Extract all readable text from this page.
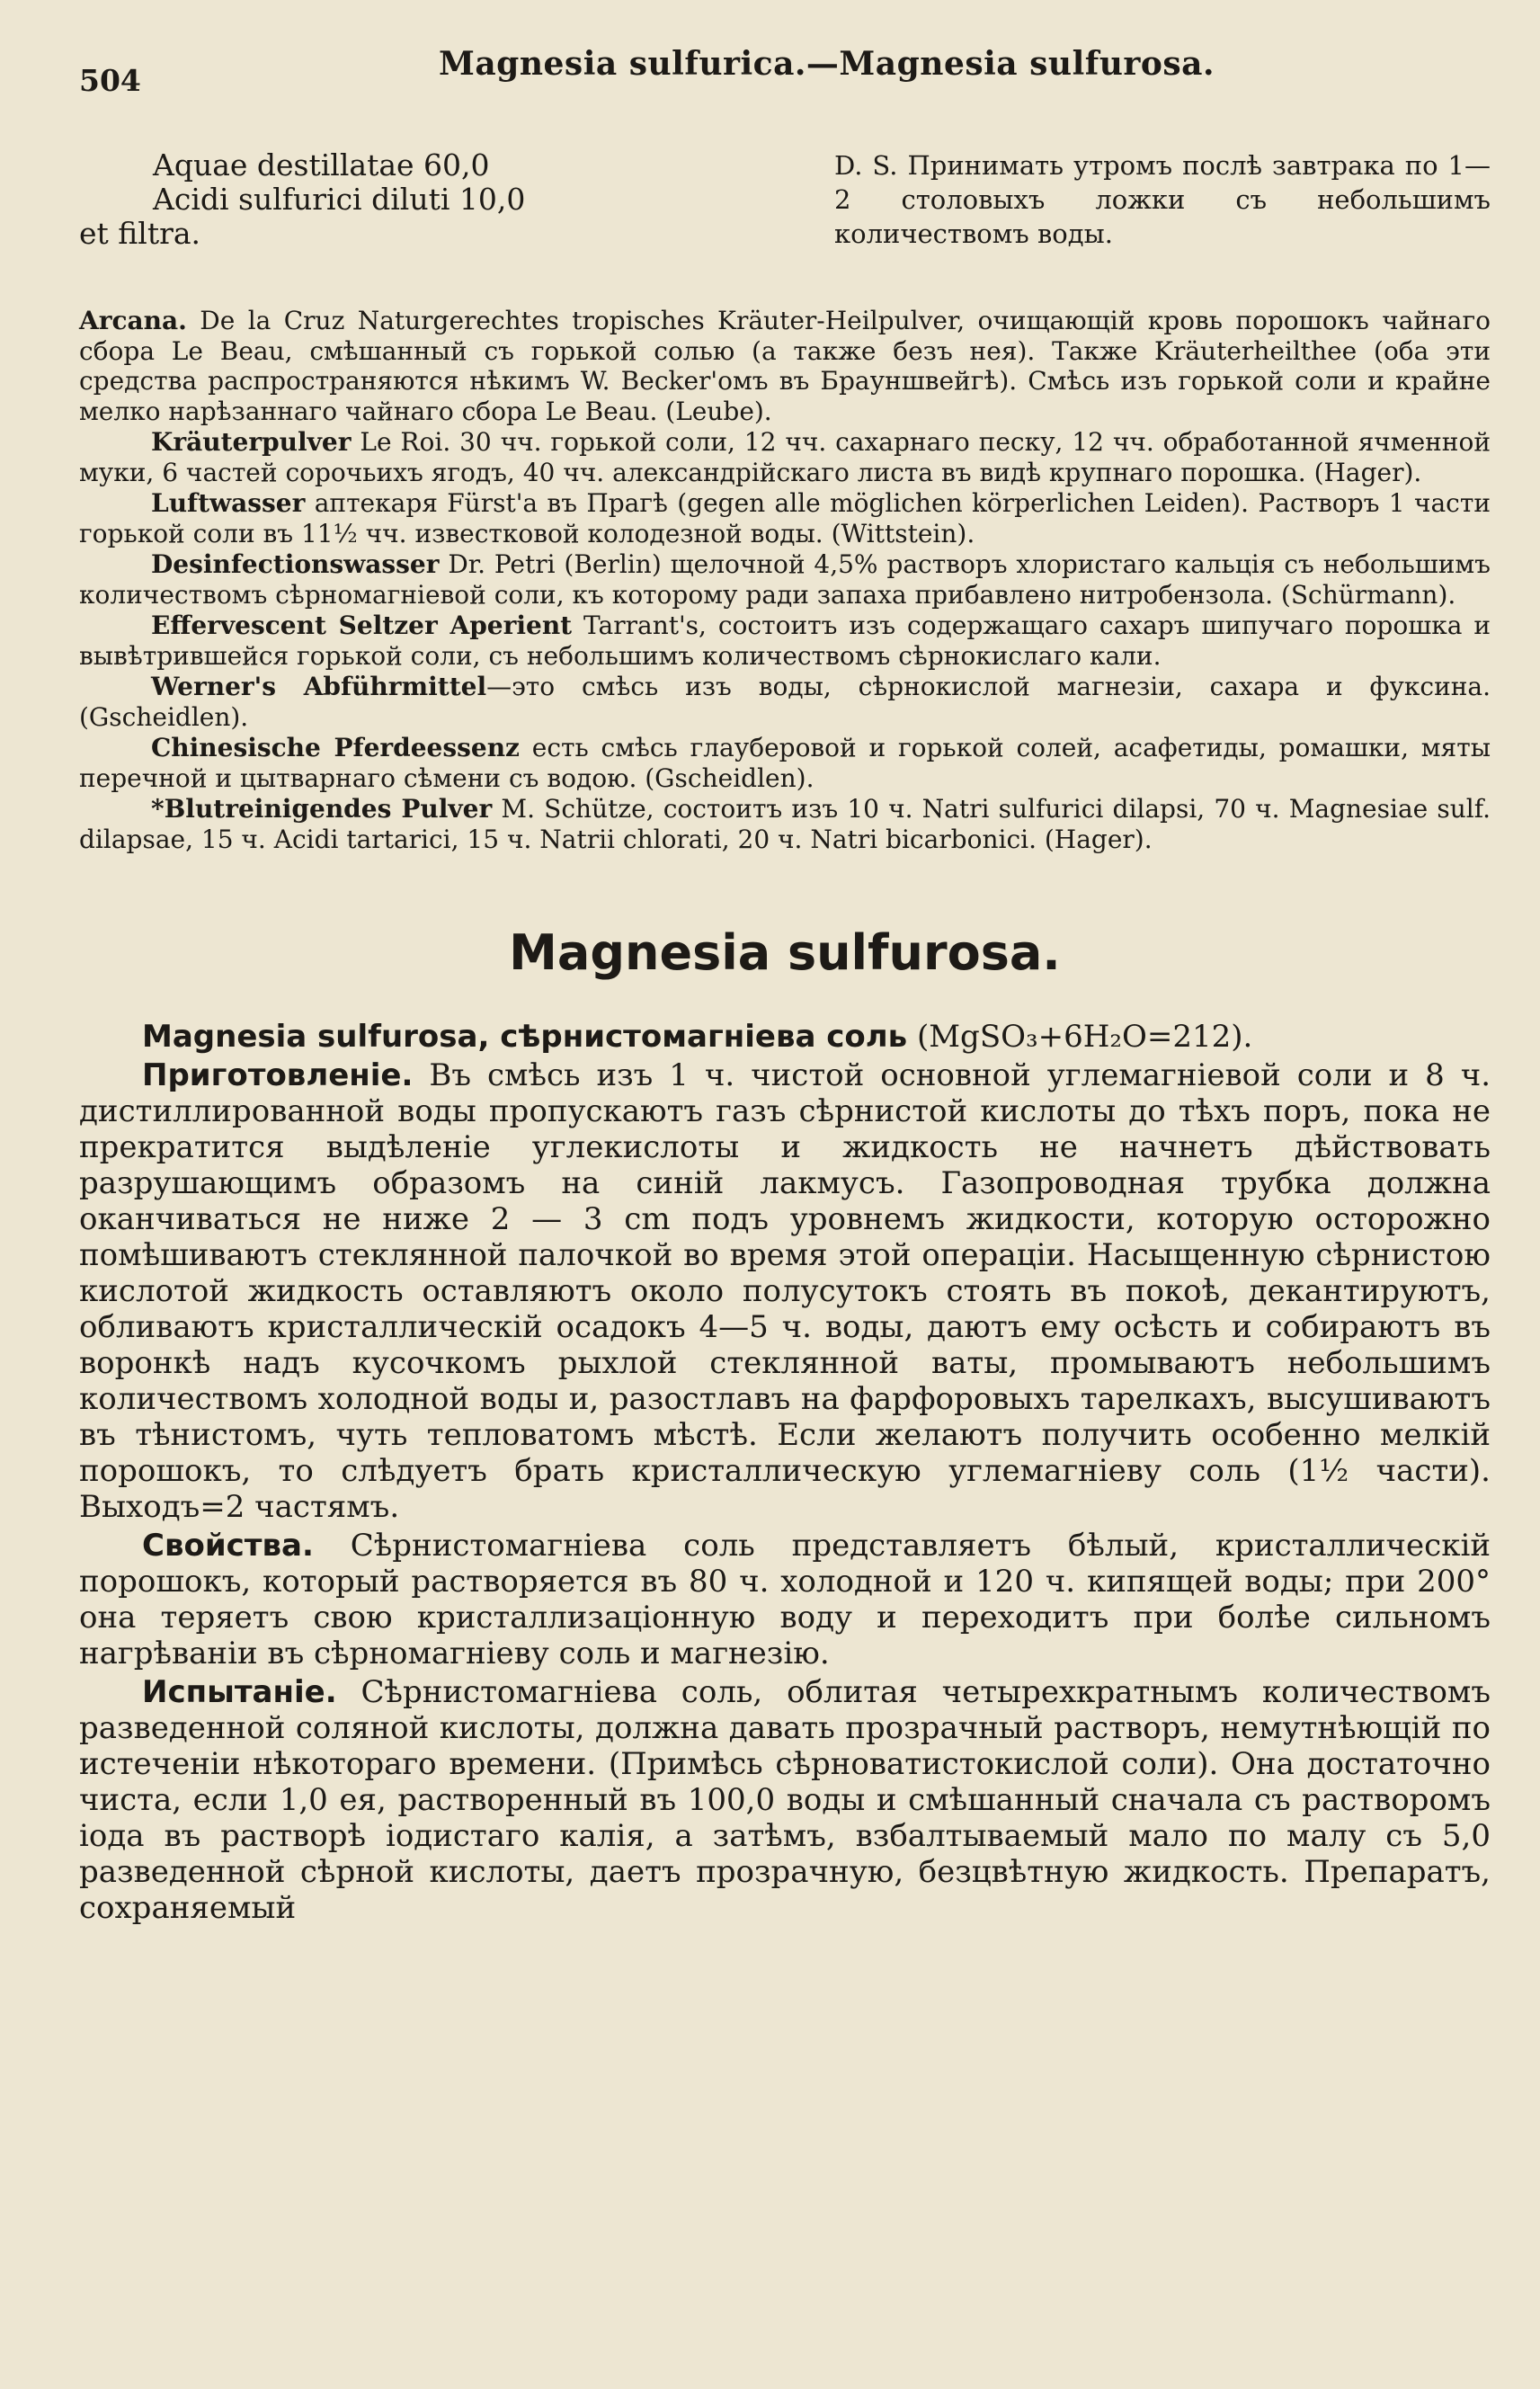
504	Magnesia sulfurica.—Magnesia sulfurosa.
Aquae destillatae 60,0
Acidi sulfurici diluti 10,0
et filtra.
D. S. Принимать утромъ послѣ завтрака по 1—2 столовыхъ ложки съ небольшимъ количествомъ воды.

Arcana. De la Cruz Naturgerechtes tropisches Kräuter-Heilpulver, очищающій кровь порошокъ чайнаго сбора Le Beau, смѣшанный съ горькой солью (а также безъ нея). Также Kräuterheilthee (оба эти средства распространяются нѣкимъ W. Becker'омъ въ Брауншвейгѣ). Смѣсь изъ горькой соли и крайне мелко нарѣзаннаго чайнаго сбора Le Beau. (Leube).

Kräuterpulver Le Roi. 30 чч. горькой соли, 12 чч. сахарнаго песку, 12 чч. обработанной ячменной муки, 6 частей сорочьихъ ягодъ, 40 чч. александрійскаго листа въ видѣ крупнаго порошка. (Hager).

Luftwasser аптекаря Fürst'а въ Прагѣ (gegen alle möglichen körperlichen Leiden). Растворъ 1 части горькой соли въ 11½ чч. известковой колодезной воды. (Wittstein).

Desinfectionswasser Dr. Petri (Berlin) щелочной 4,5% растворъ хлористаго кальція съ небольшимъ количествомъ сѣрномагніевой соли, къ которому ради запаха прибавлено нитробензола. (Schürmann).

Effervescent Seltzer Aperient Tarrant's, состоитъ изъ содержащаго сахаръ шипучаго порошка и вывѣтрившейся горькой соли, съ небольшимъ количествомъ сѣрнокислаго кали.

Werner's Abführmittel—это смѣсь изъ воды, сѣрнокислой магнезіи, сахара и фуксина. (Gscheidlen).

Chinesische Pferdeessenz есть смѣсь глауберовой и горькой солей, асафетиды, ромашки, мяты перечной и цытварнаго сѣмени съ водою. (Gscheidlen).

*Blutreinigendes Pulver M. Schütze, состоитъ изъ 10 ч. Natri sulfurici dilapsi, 70 ч. Magnesiae sulf. dilapsae, 15 ч. Acidi tartarici, 15 ч. Natrii chlorati, 20 ч. Natri bicarbonici. (Hager).

Magnesia sulfurosa.

Magnesia sulfurosa, сѣрнистомагніева соль (MgSO₃+6H₂O=212).

Приготовленіе. Въ смѣсь изъ 1 ч. чистой основной углемагніевой соли и 8 ч. дистиллированной воды пропускаютъ газъ сѣрнистой кислоты до тѣхъ поръ, пока не прекратится выдѣленіе углекислоты и жидкость не начнетъ дѣйствовать разрушающимъ образомъ на синій лакмусъ. Газопроводная трубка должна оканчиваться не ниже 2 — 3 cm подъ уровнемъ жидкости, которую осторожно помѣшиваютъ стеклянной палочкой во время этой операціи. Насыщенную сѣрнистою кислотой жидкость оставляютъ около полусутокъ стоять въ покоѣ, декантируютъ, обливаютъ кристаллическій осадокъ 4—5 ч. воды, даютъ ему осѣсть и собираютъ въ воронкѣ надъ кусочкомъ рыхлой стеклянной ваты, промываютъ небольшимъ количествомъ холодной воды и, разостлавъ на фарфоровыхъ тарелкахъ, высушиваютъ въ тѣнистомъ, чуть тепловатомъ мѣстѣ. Если желаютъ получить особенно мелкій порошокъ, то слѣдуетъ брать кристаллическую углемагніеву соль (1½ части). Выходъ=2 частямъ.

Свойства. Сѣрнистомагніева соль представляетъ бѣлый, кристаллическій порошокъ, который растворяется въ 80 ч. холодной и 120 ч. кипящей воды; при 200° она теряетъ свою кристаллизаціонную воду и переходитъ при болѣе сильномъ нагрѣваніи въ сѣрномагніеву соль и магнезію.

Испытаніе. Сѣрнистомагніева соль, облитая четырехкратнымъ количествомъ разведенной соляной кислоты, должна давать прозрачный растворъ, немутнѣющій по истеченіи нѣкотораго времени. (Примѣсь сѣрноватистокислой соли). Она достаточно чиста, если 1,0 ея, растворенный въ 100,0 воды и смѣшанный сначала съ растворомъ іода въ растворѣ іодистаго калія, а затѣмъ, взбалтываемый мало по малу съ 5,0 разведенной сѣрной кислоты, даетъ прозрачную, безцвѣтную жидкость. Препаратъ, сохраняемый
